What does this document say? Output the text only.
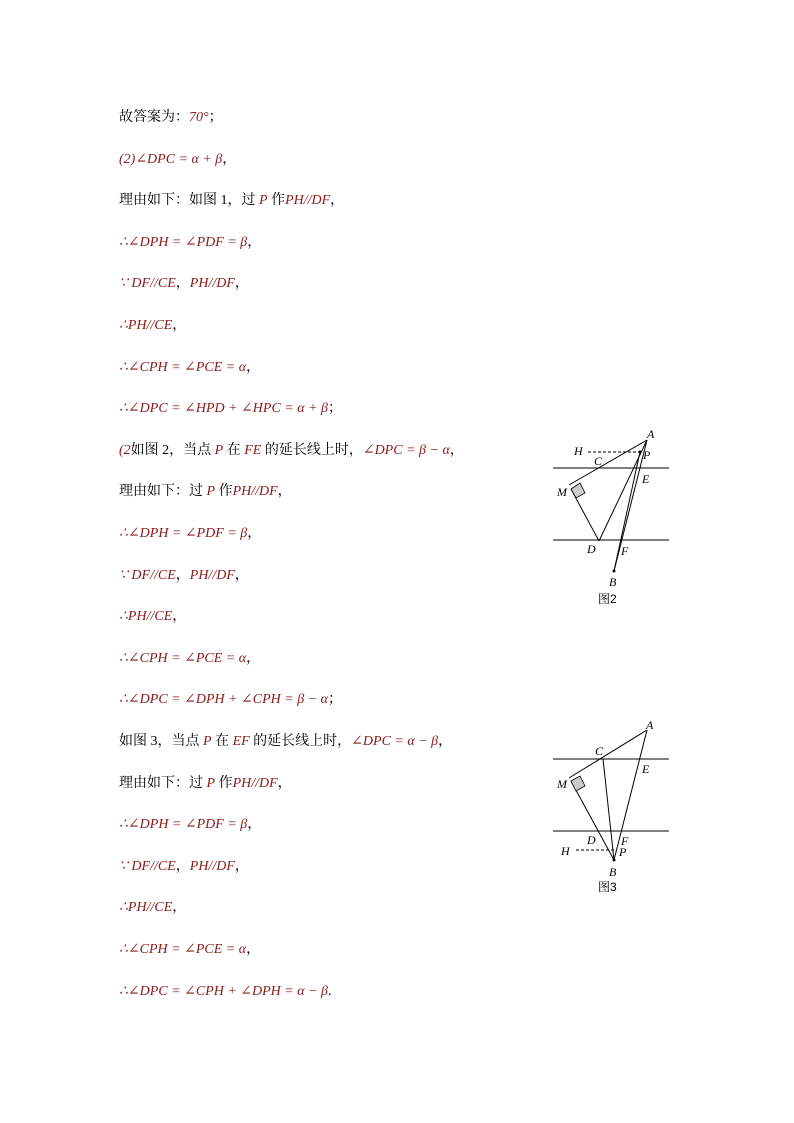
故答案为：70°；
(2)∠DPC = α + β，
理由如下：如图 1，过 P 作PH//DF，
∴∠DPH = ∠PDF = β，
∵ DF//CE，PH//DF，
∴PH//CE，
∴∠CPH = ∠PCE = α，
∴∠DPC = ∠HPD + ∠HPC = α + β；
(2如图 2，当点 P 在 FE 的延长线上时，∠DPC = β − α，
理由如下：过 P 作PH//DF，
∴∠DPH = ∠PDF = β，
∵ DF//CE，PH//DF，
∴PH//CE，
∴∠CPH = ∠PCE = α，
∴∠DPC = ∠DPH + ∠CPH = β − α；
如图 3，当点 P 在 EF 的延长线上时，∠DPC = α − β，
理由如下：过 P 作PH//DF，
∴∠DPH = ∠PDF = β，
∵ DF//CE，PH//DF，
∴PH//CE，
∴∠CPH = ∠PCE = α，
∴∠DPC = ∠CPH + ∠DPH = α − β.
A
H
C	P
E
M
D F
B
图2
A
C
E
M
D F
H	P
B
图3
